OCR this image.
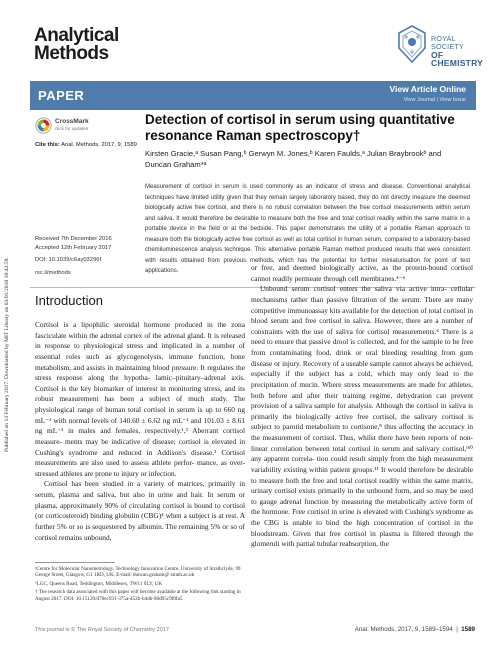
Published on 13 February 2017. Downloaded by MIT Library on 03/01/2018 18:43:59.
Analytical
Methods
ROYAL SOCIETY
OF CHEMISTRY
PAPER	View Article Online
View Journal | View Issue
CrossMark
click for updates
Cite this: Anal. Methods, 2017, 9, 1589
Detection of cortisol in serum using quantitative resonance Raman spectroscopy†
Kirsten Gracie,ᵃ Susan Pang,ᵇ Gerwyn M. Jones,ᵇ Karen Faulds,ᵃ Julian Braybrookᵇ and Duncan Graham*ᵃ
Received 7th December 2016
Accepted 12th February 2017
DOI: 10.1039/c6ay03296f
rsc.li/methods
Measurement of cortisol in serum is used commonly as an indicator of stress and disease. Conventional analytical techniques have limited utility given that they remain largely laboratory based, they do not directly measure the deemed biologically active free cortisol, and there is no robust correlation between the free cortisol measurements within serum and saliva. It would therefore be desirable to measure both the free and total cortisol readily within the same matrix in a portable device in the field or at the bedside. This paper demonstrates the utility of a portable Raman approach to measure both the biologically active free cortisol as well as total cortisol in human serum, compared to a laboratory-based chemiluminescence analysis technique. This alternative portable Raman method produced results that were consistent with results obtained from previous methods, which has the potential for further miniaturisation for point of test applications.
Introduction

Cortisol is a lipophilic steroidal hormone produced in the zona fasciculate within the adrenal cortex of the adrenal gland. It is released in response to physiological stress and implicated in a number of essential roles such as glycogenolysis, immune function, bone metabolism, and assists in maintaining blood pressure. It regulates the stress response along the hypotha- lamic–pituitary–adrenal axis. Cortisol is the key biomarker of interest in monitoring stress, and its robust measurement has been a subject of much study. The physiological range of human total cortisol in serum is up to 660 ng mL⁻¹ with normal levels of 140.60 ± 6.62 ng mL⁻¹ and 101.03 ± 8.61 ng mL⁻¹ in males and females, respectively.¹,² Aberrant cortisol measure- ments may be indicative of disease; cortisol is elevated in Cushing's syndrome and reduced in Addison's disease.³ Cortisol measurements are also used to assess athlete perfor- mance, as over-stressed athletes are prone to injury or infection.

Cortisol has been studied in a variety of matrices, primarily in serum, plasma and saliva, but also in urine and hair. In serum or plasma, approximately 90% of circulating cortisol is bound to cortisol (or corticosteroid) binding globulin (CBG)⁴ when a subject is at rest. A further 5% or so is sequestered by albumin. The remaining 5% or so of cortisol remains unbound,

or free, and deemed biologically active, as the protein-bound cortisol cannot readily permeate through cell membranes.⁴⁻⁶

Unbound serum cortisol enters the saliva via active intra- cellular mechanisms rather than passive filtration of the serum. There are many competitive immunoassay kits available for the detection of total cortisol in blood serum and free cortisol in saliva. However, there are a number of constraints with the use of saliva for cortisol measurements.⁴ There is a need to ensure that passive drool is collected, and for the sample to be free from contaminating food, drink or oral bleeding resulting from gum disease or injury. Recovery of a useable sample cannot always be achieved, especially if the subject has a cold, which may only lead to the precipitation of mucin. Where stress measurements are made for athletes, both before and after their training regime, dehydration can prevent provision of a saliva sample for analysis. Although the cortisol in saliva is primarily the biologically active free cortisol, the salivary cortisol is subject to parotid metabolism to cortisone,⁸ thus affecting the accuracy in the measurement of cortisol. Thus, whilst there have been reports of non-linear correlation between total cortisol in serum and salivary cortisol,⁹ˡ⁰ any apparent correla- tion could result simply from the high measurement variability existing within patient groups.¹¹ It would therefore be desirable to measure both the free and total cortisol readily within the same matrix, urinary cortisol exists primarily in the unbound form, and so may be used to gauge adrenal function by measuring the metabolically active form of the hormone. Free cortisol in urine is elevated with Cushing's syndrome as the CBG is unable to bind the high concentration of cortisol in the bloodstream. Given that free cortisol in plasma is filtered through the glomeruli with partial tubular reabsorption, the

ᵃCentre for Molecular Nanometrology, Technology Innovation Centre, University of Strathclyde, 99 George Street, Glasgow, G1 1RD, UK. E-mail: duncan.graham@ strath.ac.uk

ᵇLGC, Queens Road, Teddington, Middlesex, TW11 0LY, UK

† The research data associated with this paper will become available at the following link starting in August 2017. DOI: 10.15129/d70ec931-375a-452b-b4db-98d95c9f0fa5

This journal is © The Royal Society of Chemistry 2017	Anal. Methods, 2017, 9, 1589–1594  |  1589
